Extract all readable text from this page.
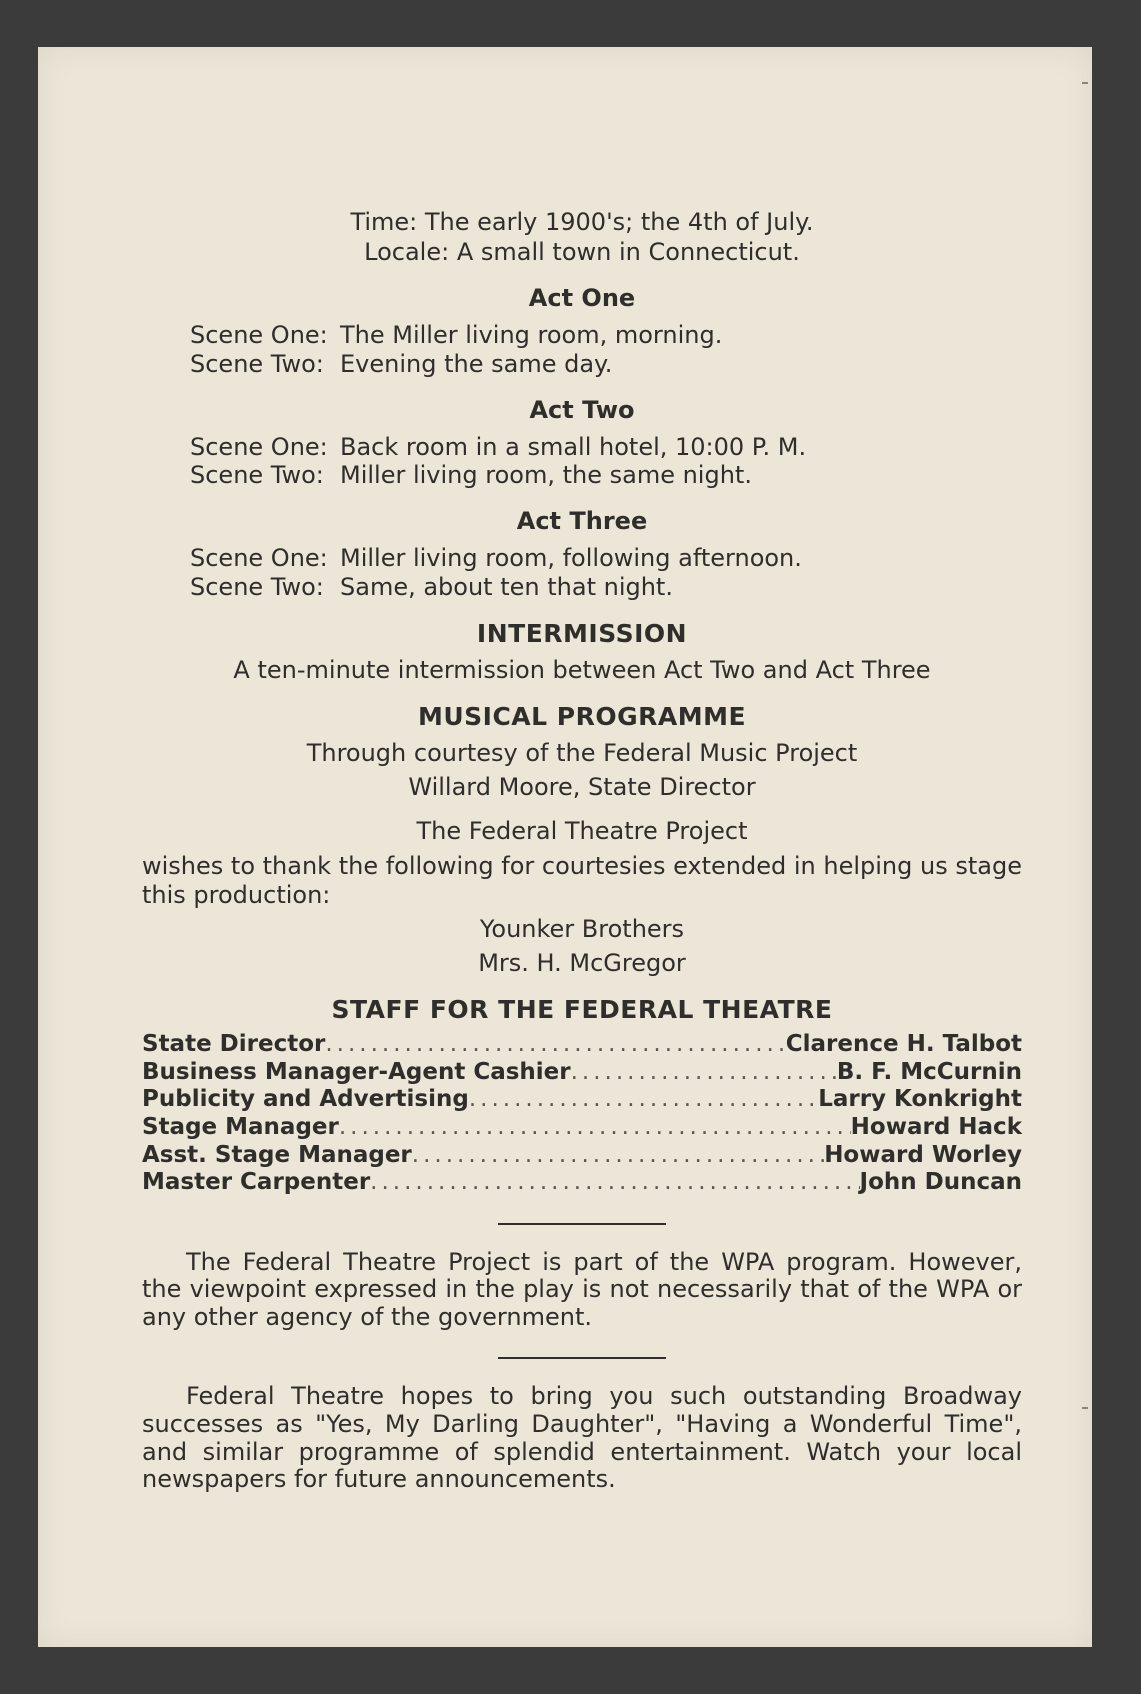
Time: The early 1900's; the 4th of July.

Locale: A small town in Connecticut.

Act One
Scene One: The Miller living room, morning.
Scene Two: Evening the same day.
Act Two
Scene One: Back room in a small hotel, 10:00 P. M.
Scene Two: Miller living room, the same night.
Act Three
Scene One: Miller living room, following afternoon.
Scene Two: Same, about ten that night.
INTERMISSION
A ten-minute intermission between Act Two and Act Three
MUSICAL PROGRAMME
Through courtesy of the Federal Music Project
Willard Moore, State Director
The Federal Theatre Project
wishes to thank the following for courtesies extended in helping us stage this production:
Younker Brothers
Mrs. H. McGregor
STAFF FOR THE FEDERAL THEATRE
State Director .....	Clarence H. Talbot
Business Manager-Agent Cashier .....	B. F. McCurnin
Publicity and Advertising .....	Larry Konkright
Stage Manager .....	Howard Hack
Asst. Stage Manager .....	Howard Worley
Master Carpenter .....	John Duncan

The Federal Theatre Project is part of the WPA program. However, the viewpoint expressed in the play is not necessarily that of the WPA or any other agency of the government.

Federal Theatre hopes to bring you such outstanding Broadway successes as "Yes, My Darling Daughter", "Having a Wonderful Time", and similar programme of splendid entertainment. Watch your local newspapers for future announcements.
